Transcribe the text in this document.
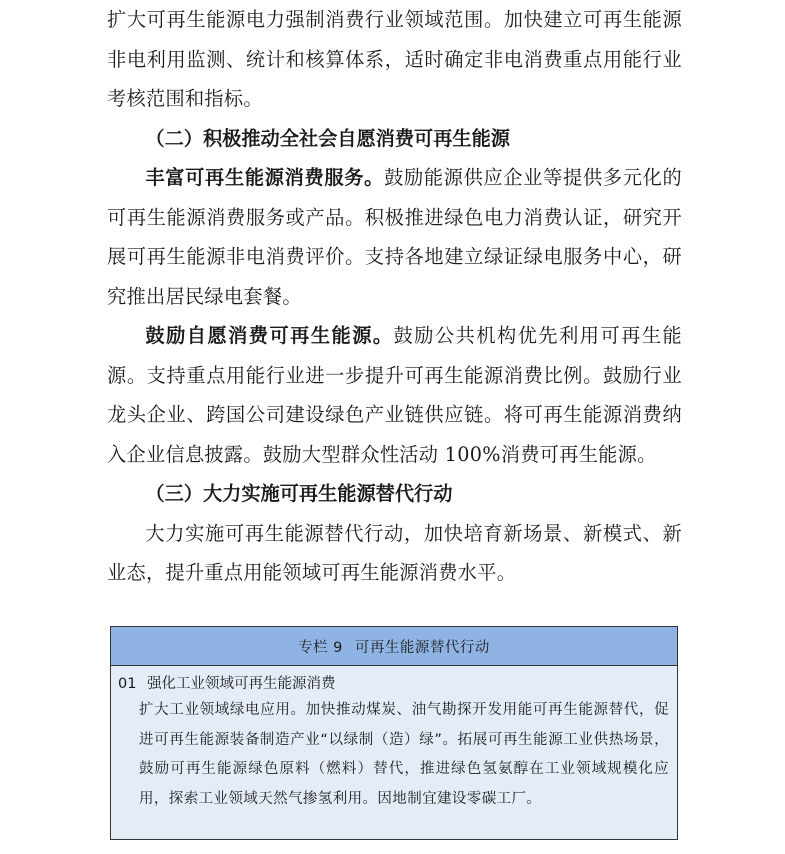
扩大可再生能源电力强制消费行业领域范围。加快建立可再生能源非电利用监测、统计和核算体系，适时确定非电消费重点用能行业考核范围和指标。

（二）积极推动全社会自愿消费可再生能源

丰富可再生能源消费服务。鼓励能源供应企业等提供多元化的可再生能源消费服务或产品。积极推进绿色电力消费认证，研究开展可再生能源非电消费评价。支持各地建立绿证绿电服务中心，研究推出居民绿电套餐。

鼓励自愿消费可再生能源。鼓励公共机构优先利用可再生能源。支持重点用能行业进一步提升可再生能源消费比例。鼓励行业龙头企业、跨国公司建设绿色产业链供应链。将可再生能源消费纳入企业信息披露。鼓励大型群众性活动 100%消费可再生能源。

（三）大力实施可再生能源替代行动

大力实施可再生能源替代行动，加快培育新场景、新模式、新业态，提升重点用能领域可再生能源消费水平。

专栏 9 可再生能源替代行动
01 强化工业领域可再生能源消费
扩大工业领域绿电应用。加快推动煤炭、油气勘探开发用能可再生能源替代，促进可再生能源装备制造产业“以绿制（造）绿”。拓展可再生能源工业供热场景，鼓励可再生能源绿色原料（燃料）替代，推进绿色氢氨醇在工业领域规模化应用，探索工业领域天然气掺氢利用。因地制宜建设零碳工厂。
